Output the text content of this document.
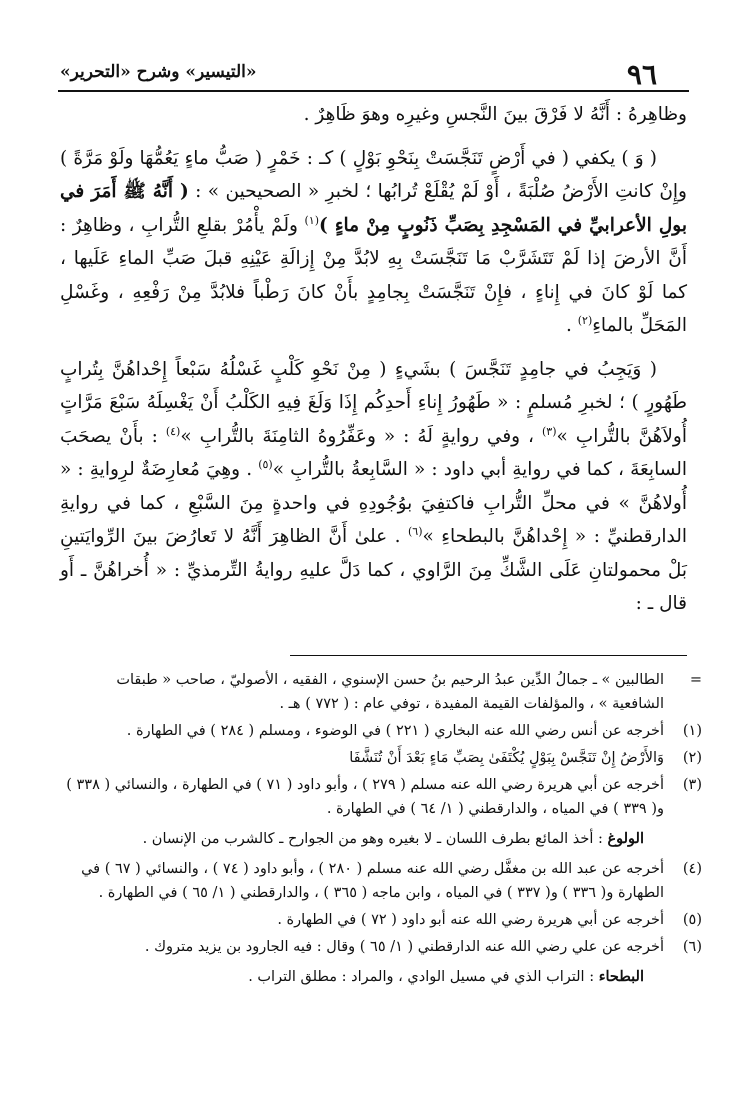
٩٦
«التيسير» وشرح «التحرير»

وظاهِرهُ : أَنَّهُ لا فَرْقَ بينَ النَّجسِ وغيرِه وهوَ ظَاهِرٌ .

( وَ ) يكفي ( في أَرْضٍ تَنَجَّسَتْ بِنَحْوِ بَوْلٍ ) كـ : خَمْرٍ ( صَبُّ ماءٍ يَعُمُّهَا ولَوْ مَرَّةً ) وإِنْ كانتِ الأَرْضُ صُلْبَةً ، أَوْ لَمْ يُقْلَعْ تُرابُها ؛ لخبرِ « الصحيحين » : ( أَنَّهُ ﷺ أَمَرَ في بولِ الأعرابيِّ في المَسْجِدِ بِصَبِّ ذَنُوبٍ مِنْ ماءٍ )$^{(١)}$ ولَمْ يأْمُرْ بقلعِ التُّرابِ ، وظاهِرٌ : أَنَّ الأرضَ إذا لَمْ تَتَشَرَّبْ مَا تَنَجَّسَتْ بِهِ لابُدَّ مِنْ إِزالَةِ عَيْنِهِ قبلَ صَبِّ الماءِ عَلَيها ، كما لَوْ كانَ في إِناءٍ ، فإِنْ تَنَجَّسَتْ بِجامِدٍ بأَنْ كانَ رَطْباً فلابُدَّ مِنْ رَفْعِهِ ، وغَسْلِ المَحَلِّ بالماءِ$^{(٢)}$ .

( وَيَجِبُ في جامِدٍ تَنَجَّسَ ) بشَيءٍ ( مِنْ نَحْوِ كَلْبٍ غَسْلُهُ سَبْعاً إِحْداهُنَّ بِتُرابٍ طَهُورٍ ) ؛ لخبرِ مُسلمٍ : « طَهُورُ إِناءِ أَحدِكُم إِذَا وَلَغَ فِيهِ الكَلْبُ أَنْ يَغْسِلَهُ سَبْعَ مَرَّاتٍ أُولاَهُنَّ بالتُّرابِ »$^{(٣)}$ ، وفي روايةٍ لَهُ : « وعَفِّرُوهُ الثامِنَةَ بالتُّرابِ »$^{(٤)}$ : بأَنْ يصحَبَ السابِعَةَ ، كما في روايةِ أبي داود : « السَّابِعةُ بالتُّرابِ »$^{(٥)}$ . وهِيَ مُعارِضَةٌ لرِوايةِ : « أُولاهُنَّ » في محلِّ التُّرابِ فاكتفِيَ بوُجُودِهِ في واحدةٍ مِنَ السَّبْعِ ، كما في روايةِ الدارقطنيِّ : « إِحْداهُنَّ بالبطحاءِ »$^{(٦)}$ . علىٰ أَنَّ الظاهِرَ أَنَّهُ لا تَعارُضَ بينَ الرِّوايَتينِ بَلْ محمولتانِ عَلَى الشَّكِّ مِنَ الرَّاوي ، كما دَلَّ عليهِ روايةُ التِّرمذيِّ : « أُخراهُنَّ ـ أَو قال ـ :

=
الطالبين » ـ جمالُ الدِّين عبدُ الرحيم بنُ حسن الإسنوي ، الفقيه ، الأصوليّ ، صاحب « طبقات الشافعية » ، والمؤلفات القيمة المفيدة ، توفي عام : ( ٧٧٢ ) هـ .
(١)
أخرجه عن أنس رضي الله عنه البخاري ( ٢٢١ ) في الوضوء ، ومسلم ( ٢٨٤ ) في الطهارة .
(٢)
وَالأَرْضُ إِنْ تَنَجَّسْ بِبَوْلٍ يُكْتَفَىٰ بِصَبِّ مَاءٍ بَعْدَ أَنْ تُنَشَّفَا
(٣)
أخرجه عن أبي هريرة رضي الله عنه مسلم ( ٢٧٩ ) ، وأبو داود ( ٧١ ) في الطهارة ، والنسائي ( ٣٣٨ ) و( ٣٣٩ ) في المياه ، والدارقطني ( ١/ ٦٤ ) في الطهارة .
الولوغ : أخذ المائع بطرف اللسان ـ لا بغيره وهو من الجوارح ـ كالشرب من الإنسان .
(٤)
أخرجه عن عبد الله بن مغفَّل رضي الله عنه مسلم ( ٢٨٠ ) ، وأبو داود ( ٧٤ ) ، والنسائي ( ٦٧ ) في الطهارة و( ٣٣٦ ) و( ٣٣٧ ) في المياه ، وابن ماجه ( ٣٦٥ ) ، والدارقطني ( ١/ ٦٥ ) في الطهارة .
(٥)
أخرجه عن أبي هريرة رضي الله عنه أبو داود ( ٧٢ ) في الطهارة .
(٦)
أخرجه عن علي رضي الله عنه الدارقطني ( ١/ ٦٥ ) وقال : فيه الجارود بن يزيد متروك .
البطحاء : التراب الذي في مسيل الوادي ، والمراد : مطلق التراب .
